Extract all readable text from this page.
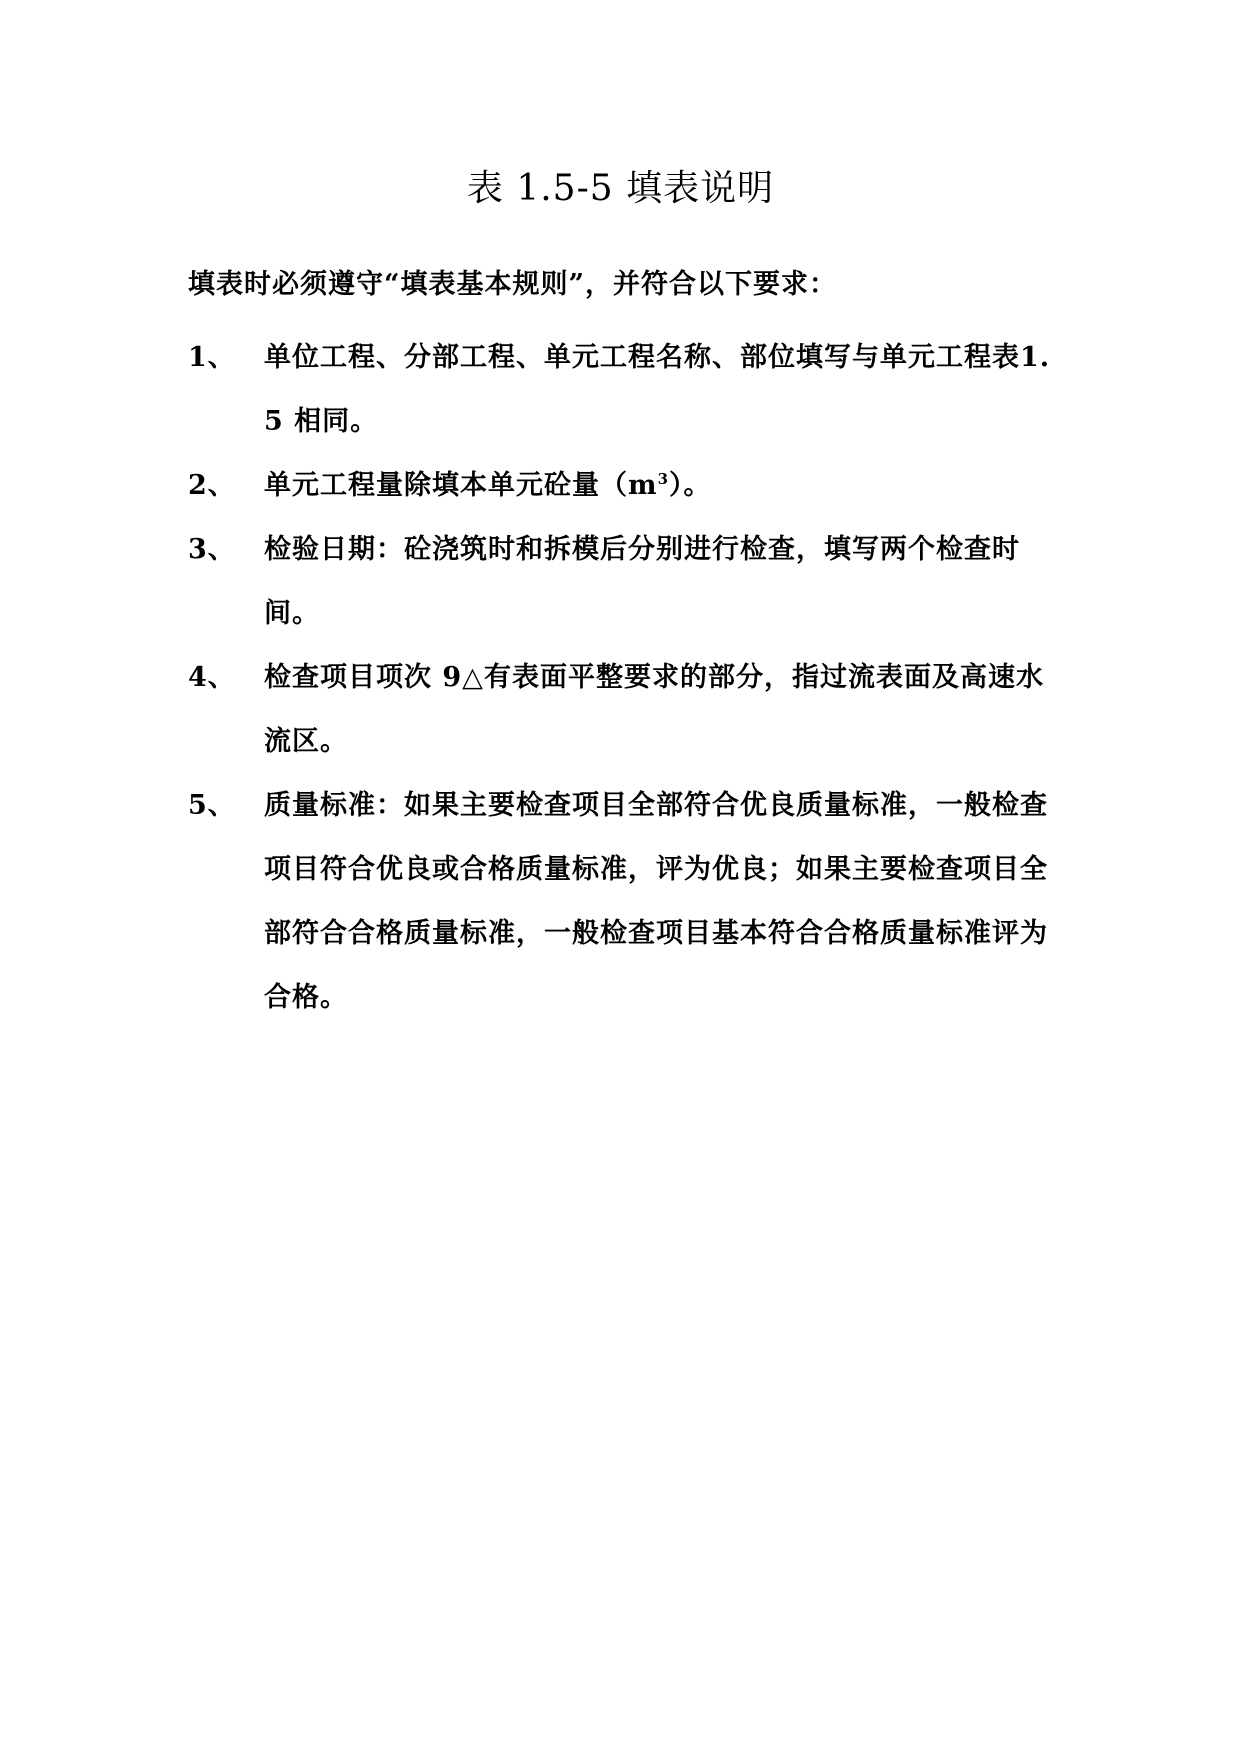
表 1.5-5 填表说明

填表时必须遵守“填表基本规则”，并符合以下要求：

1、	单位工程、分部工程、单元工程名称、部位填写与单元工程表1.5 相同。
2、	单元工程量除填本单元砼量$(m^3)$。
3、	检验日期：砼浇筑时和拆模后分别进行检查，填写两个检查时间。
4、	检查项目项次 9△有表面平整要求的部分，指过流表面及高速水流区。
5、	质量标准：如果主要检查项目全部符合优良质量标准，一般检查项目符合优良或合格质量标准，评为优良；如果主要检查项目全部符合合格质量标准，一般检查项目基本符合合格质量标准评为合格。
